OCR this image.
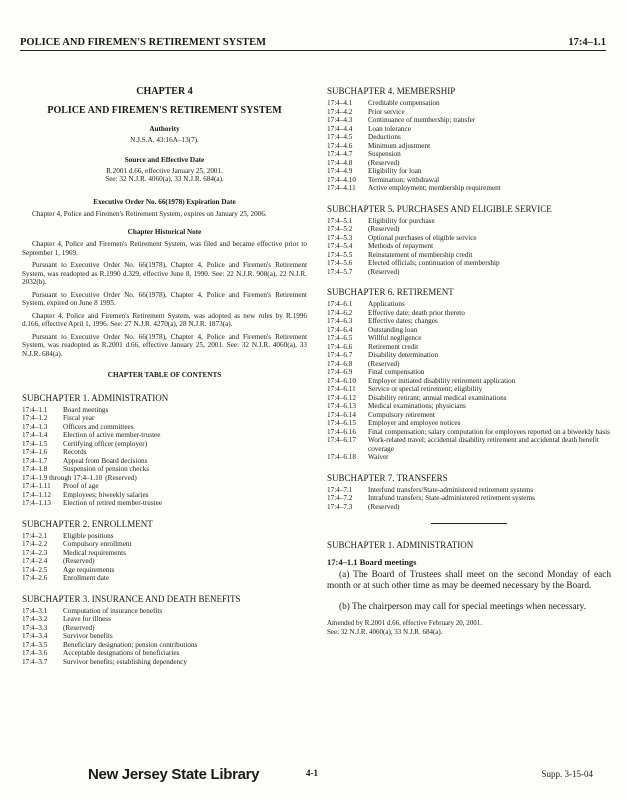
POLICE AND FIREMEN'S RETIREMENT SYSTEM	17:4–1.1
CHAPTER 4
POLICE AND FIREMEN'S RETIREMENT SYSTEM
Authority
N.J.S.A. 43:16A–13(7).
Source and Effective Date
R.2001 d.66, effective January 25, 2001.
See: 32 N.J.R. 4060(a), 33 N.J.R. 684(a).
Executive Order No. 66(1978) Expiration Date
Chapter 4, Police and Firemen's Retirement System, expires on January 25, 2006.
Chapter Historical Note
Chapter 4, Police and Firemen's Retirement System, was filed and became effective prior to September 1, 1969.
Pursuant to Executive Order No. 66(1978), Chapter 4, Police and Firemen's Retirement System, was readopted as R.1990 d.329, effective June 8, 1990. See: 22 N.J.R. 908(a), 22 N.J.R. 2032(b).
Pursuant to Executive Order No. 66(1978), Chapter 4, Police and Firemen's Retirement System, expired on June 8 1995.
Chapter 4, Police and Firemen's Retirement System, was adopted as new rules by R.1996 d.166, effective April 1, 1996. See: 27 N.J.R. 4270(a), 28 N.J.R. 1873(a).
Pursuant to Executive Order No. 66(1978), Chapter 4, Police and Firemen's Retirement System, was readopted as R.2001 d.66, effective January 25, 2001. See: 32 N.J.R. 4060(a), 33 N.J.R. 684(a).
CHAPTER TABLE OF CONTENTS
SUBCHAPTER 1. ADMINISTRATION
17:4–1.1	Board meetings
17:4–1.2	Fiscal year
17:4–1.3	Officers and committees
17:4–1.4	Election of active member-trustee
17:4–1.5	Certifying officer (employer)
17:4–1.6	Records
17:4–1.7	Appeal from Board decisions
17:4–1.8	Suspension of pension checks
17:4–1.9 through 17:4–1.10 (Reserved)
17:4–1.11	Proof of age
17:4–1.12	Employees; biweekly salaries
17:4–1.13	Election of retired member-trustee
SUBCHAPTER 2. ENROLLMENT
17:4–2.1	Eligible positions
17:4–2.2	Compulsory enrollment
17:4–2.3	Medical requirements
17:4–2.4	(Reserved)
17:4–2.5	Age requirements
17:4–2.6	Enrollment date
SUBCHAPTER 3. INSURANCE AND DEATH BENEFITS
17:4–3.1	Computation of insurance benefits
17:4–3.2	Leave for illness
17:4–3.3	(Reserved)
17:4–3.4	Survivor benefits
17:4–3.5	Beneficiary designation; pension contributions
17:4–3.6	Acceptable designations of beneficiaries
17:4–3.7	Survivor benefits; establishing dependency
SUBCHAPTER 4. MEMBERSHIP
17:4–4.1	Creditable compensation
17:4–4.2	Prior service
17:4–4.3	Continuance of membership; transfer
17:4–4.4	Loan tolerance
17:4–4.5	Deductions
17:4–4.6	Minimum adjustment
17:4–4.7	Suspension
17:4–4.8	(Reserved)
17:4–4.9	Eligibility for loan
17:4–4.10	Termination; withdrawal
17:4–4.11	Active employment; membership requirement
SUBCHAPTER 5. PURCHASES AND ELIGIBLE SERVICE
17:4–5.1	Eligibility for purchase
17:4–5.2	(Reserved)
17:4–5.3	Optional purchases of eligible service
17:4–5.4	Methods of repayment
17:4–5.5	Reinstatement of membership credit
17:4–5.6	Elected officials; continuation of membership
17:4–5.7	(Reserved)
SUBCHAPTER 6. RETIREMENT
17:4–6.1	Applications
17:4–6.2	Effective date; death prior thereto
17:4–6.3	Effective dates; changes
17:4–6.4	Outstanding loan
17:4–6.5	Willful negligence
17:4–6.6	Retirement credit
17:4–6.7	Disability determination
17:4–6.8	(Reserved)
17:4–6.9	Final compensation
17:4–6.10	Employer initiated disability retirement application
17:4–6.11	Service or special retirement; eligibility
17:4–6.12	Disability retirant; annual medical examinations
17:4–6.13	Medical examinations; physicians
17:4–6.14	Compulsory retirement
17:4–6.15	Employer and employee notices
17:4–6.16	Final compensation; salary computation for employees reported on a biweekly basis
17:4–6.17	Work-related travel; accidental disability retirement and accidental death benefit coverage
17:4–6.18	Waiver
SUBCHAPTER 7. TRANSFERS
17:4–7.1	Interfund transfers/State-administered retirement systems
17:4–7.2	Intrafund transfers; State-administered retirement systems
17:4–7.3	(Reserved)
SUBCHAPTER 1. ADMINISTRATION
17:4–1.1 Board meetings
(a) The Board of Trustees shall meet on the second Monday of each month or at such other time as may be deemed necessary by the Board.
(b) The chairperson may call for special meetings when necessary.
Amended by R.2001 d.66, effective February 20, 2001.
See: 32 N.J.R. 4060(a), 33 N.J.R. 684(a).
New Jersey State Library	4-1	Supp. 3-15-04
